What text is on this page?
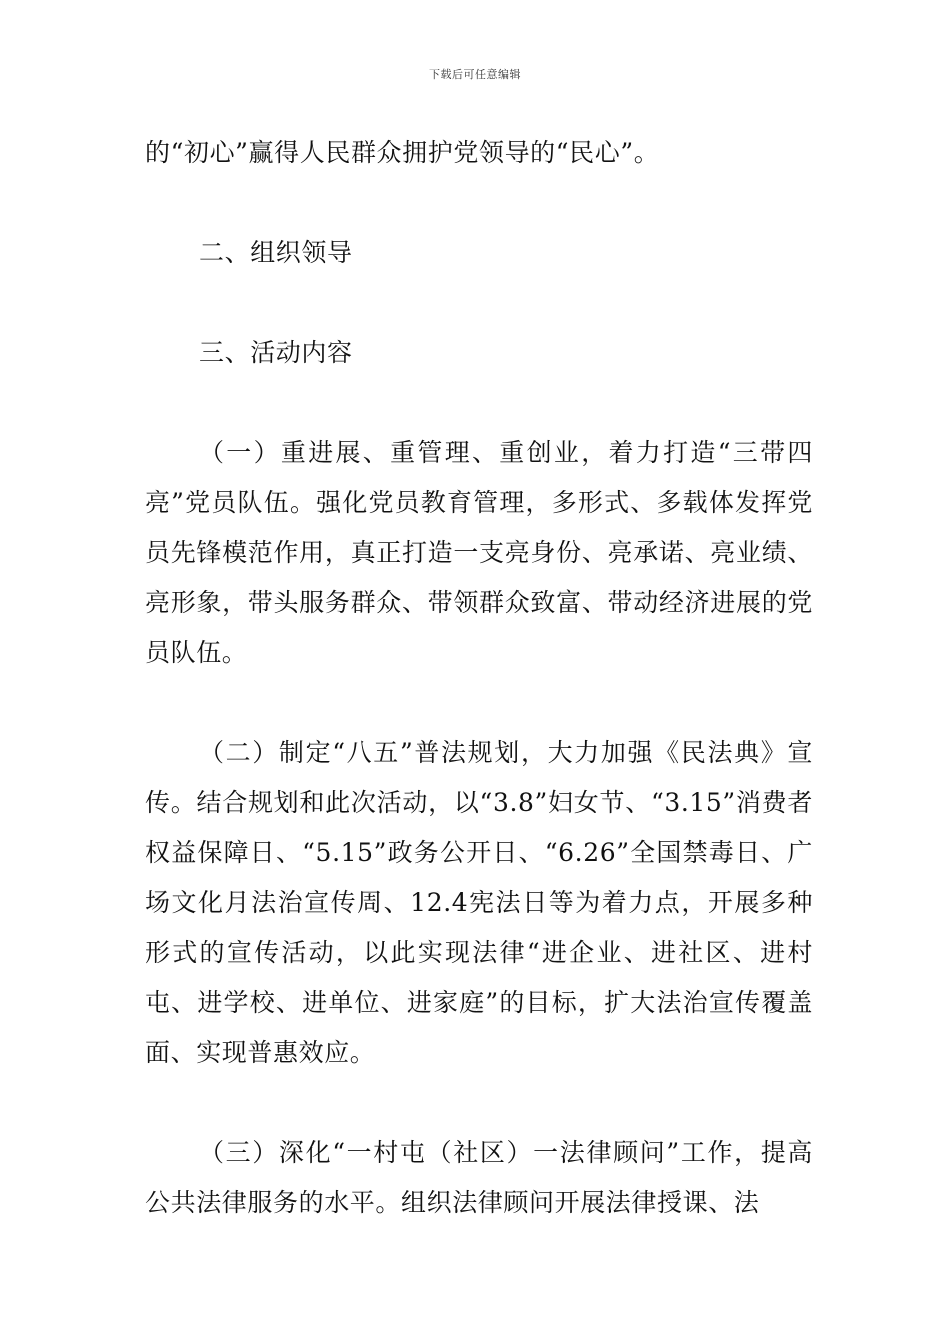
下载后可任意编辑

的“初心”赢得人民群众拥护党领导的“民心”。

二、组织领导

三、活动内容

（一）重进展、重管理、重创业，着力打造“三带四亮”党员队伍。强化党员教育管理，多形式、多载体发挥党员先锋模范作用，真正打造一支亮身份、亮承诺、亮业绩、亮形象，带头服务群众、带领群众致富、带动经济进展的党员队伍。

（二）制定“八五”普法规划，大力加强《民法典》宣传。结合规划和此次活动，以“3.8”妇女节、“3.15”消费者权益保障日、“5.15”政务公开日、“6.26”全国禁毒日、广场文化月法治宣传周、12.4宪法日等为着力点，开展多种形式的宣传活动，以此实现法律“进企业、进社区、进村屯、进学校、进单位、进家庭”的目标，扩大法治宣传覆盖面、实现普惠效应。

（三）深化“一村屯（社区）一法律顾问”工作，提高公共法律服务的水平。组织法律顾问开展法律授课、法
